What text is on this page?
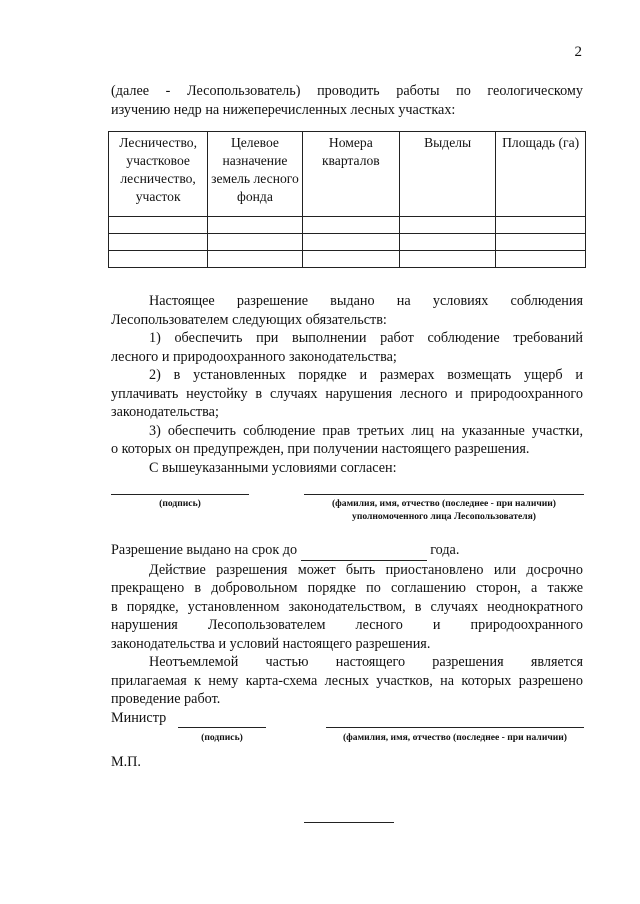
2
(далее - Лесопользователь) проводить работы по геологическому
изучению недр на нижеперечисленных лесных участках:
Лесничество, участковое лесничество, участок	Целевое назначение земель лесного фонда	Номера кварталов	Выделы	Площадь (га)

Настоящее разрешение выдано на условиях соблюдения
Лесопользователем следующих обязательств:
1) обеспечить при выполнении работ соблюдение требований
лесного и природоохранного законодательства;
2) в установленных порядке и размерах возмещать ущерб и
уплачивать неустойку в случаях нарушения лесного и природоохранного
законодательства;
3) обеспечить соблюдение прав третьих лиц на указанные участки,
о которых он предупрежден, при получении настоящего разрешения.
С вышеуказанными условиями согласен:
(подпись)	(фамилия, имя, отчество (последнее - при наличии)
уполномоченного лица Лесопользователя)
Разрешение выдано на срок до	года.
Действие разрешения может быть приостановлено или досрочно
прекращено в добровольном порядке по соглашению сторон, а также
в порядке, установленном законодательством, в случаях неоднократного
нарушения Лесопользователем лесного и природоохранного
законодательства и условий настоящего разрешения.
Неотъемлемой частью настоящего разрешения является
прилагаемая к нему карта-схема лесных участков, на которых разрешено
проведение работ.
Министр
(подпись)	(фамилия, имя, отчество (последнее - при наличии)
М.П.
